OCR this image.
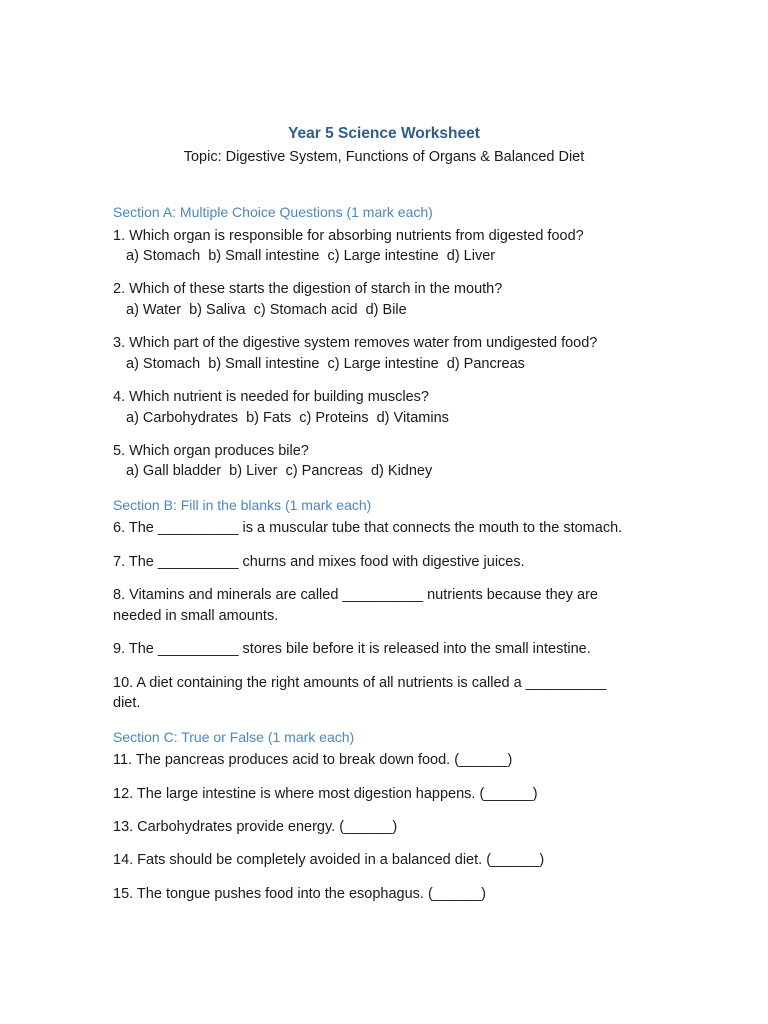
Year 5 Science Worksheet
Topic: Digestive System, Functions of Organs & Balanced Diet
Section A: Multiple Choice Questions (1 mark each)
1. Which organ is responsible for absorbing nutrients from digested food?
a) Stomach  b) Small intestine  c) Large intestine  d) Liver
2. Which of these starts the digestion of starch in the mouth?
a) Water  b) Saliva  c) Stomach acid  d) Bile
3. Which part of the digestive system removes water from undigested food?
a) Stomach  b) Small intestine  c) Large intestine  d) Pancreas
4. Which nutrient is needed for building muscles?
a) Carbohydrates  b) Fats  c) Proteins  d) Vitamins
5. Which organ produces bile?
a) Gall bladder  b) Liver  c) Pancreas  d) Kidney
Section B: Fill in the blanks (1 mark each)
6. The __________ is a muscular tube that connects the mouth to the stomach.
7. The __________ churns and mixes food with digestive juices.
8. Vitamins and minerals are called __________ nutrients because they are
needed in small amounts.
9. The __________ stores bile before it is released into the small intestine.
10. A diet containing the right amounts of all nutrients is called a __________
diet.
Section C: True or False (1 mark each)
11. The pancreas produces acid to break down food. (______)
12. The large intestine is where most digestion happens. (______)
13. Carbohydrates provide energy. (______)
14. Fats should be completely avoided in a balanced diet. (______)
15. The tongue pushes food into the esophagus. (______)
